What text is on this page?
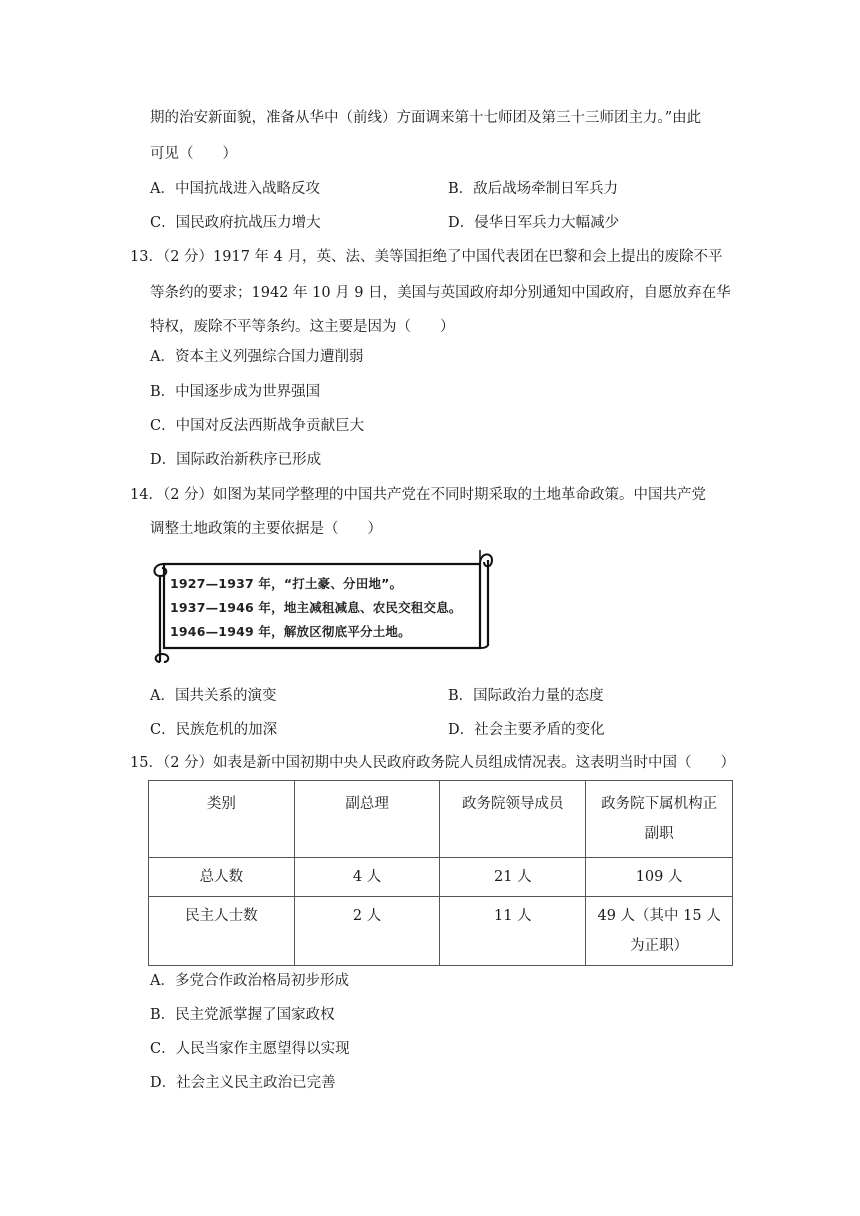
期的治安新面貌，准备从华中（前线）方面调来第十七师团及第三十三师团主力。”由此
可见（　　）
A．中国抗战进入战略反攻	B．敌后战场牵制日军兵力
C．国民政府抗战压力增大	D．侵华日军兵力大幅减少
13．（2 分）1917 年 4 月，英、法、美等国拒绝了中国代表团在巴黎和会上提出的废除不平
等条约的要求；1942 年 10 月 9 日，美国与英国政府却分别通知中国政府，自愿放弃在华
特权，废除不平等条约。这主要是因为（　　）
A．资本主义列强综合国力遭削弱
B．中国逐步成为世界强国
C．中国对反法西斯战争贡献巨大
D．国际政治新秩序已形成
14．（2 分）如图为某同学整理的中国共产党在不同时期采取的土地革命政策。中国共产党
调整土地政策的主要依据是（　　）
1927—1937 年，“打土豪、分田地”。
1937—1946 年，地主减租减息、农民交租交息。
1946—1949 年，解放区彻底平分土地。
A．国共关系的演变	B．国际政治力量的态度
C．民族危机的加深	D．社会主要矛盾的变化
15．（2 分）如表是新中国初期中央人民政府政务院人员组成情况表。这表明当时中国（　　）
类别	副总理	政务院领导成员	政务院下属机构正副职
总人数	4 人	21 人	109 人
民主人士数	2 人	11 人	49 人（其中 15 人为正职）
A．多党合作政治格局初步形成
B．民主党派掌握了国家政权
C．人民当家作主愿望得以实现
D．社会主义民主政治已完善
